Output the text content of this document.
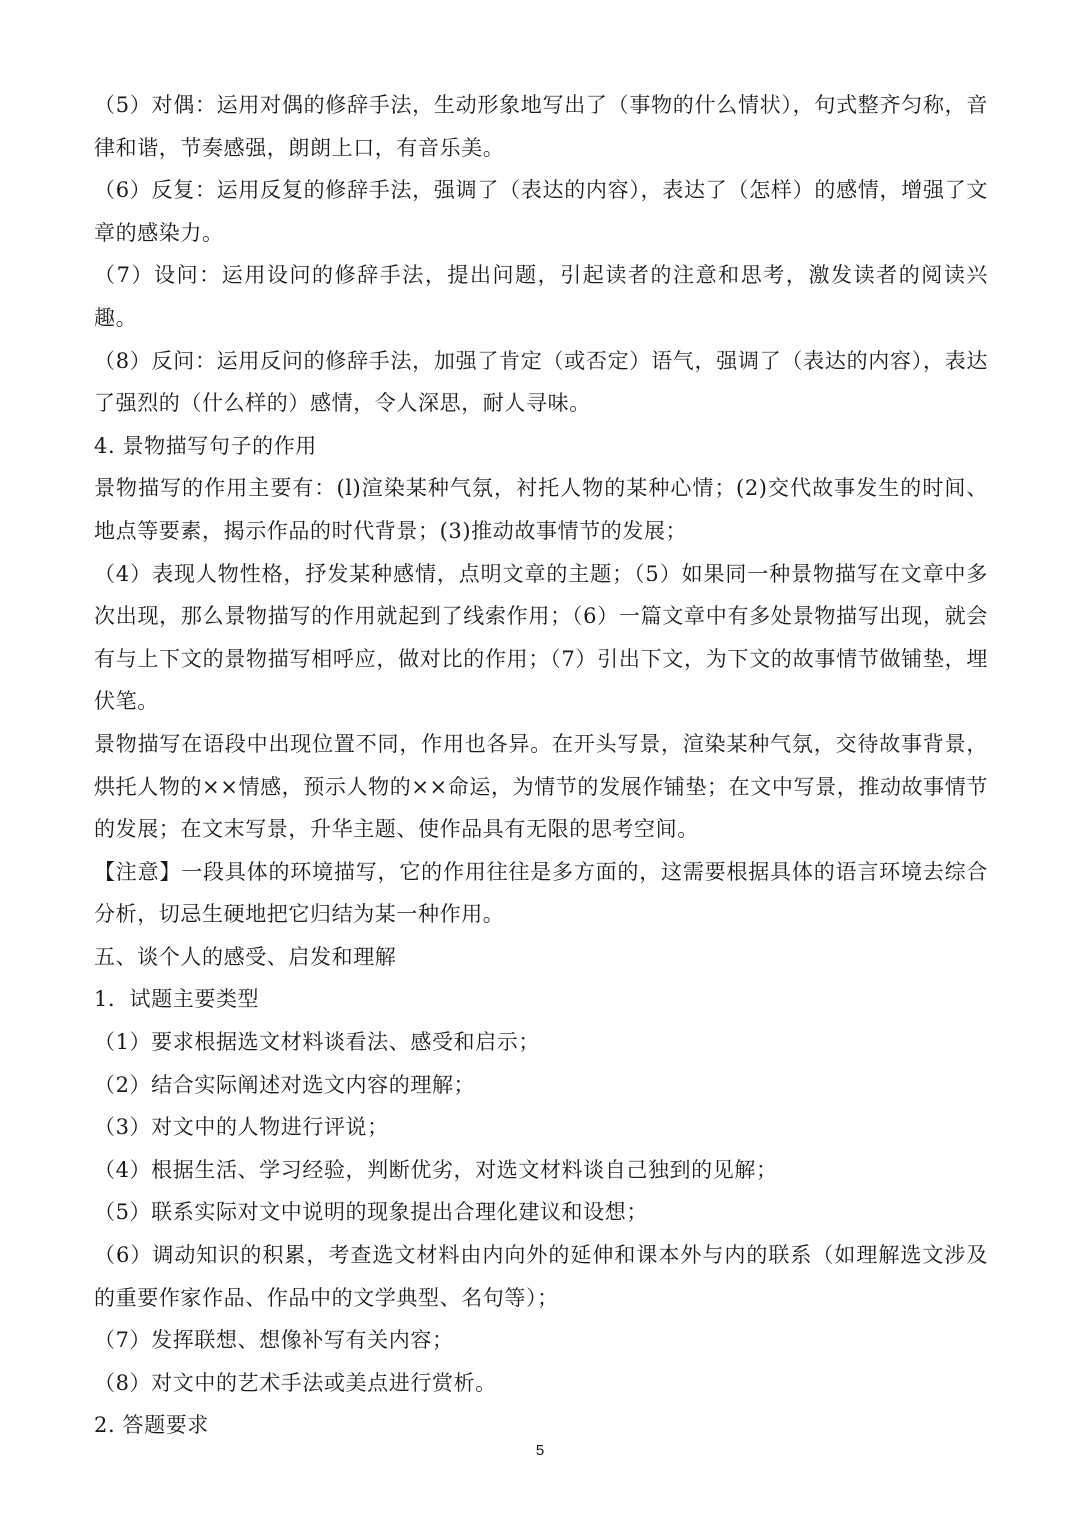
（5）对偶：运用对偶的修辞手法，生动形象地写出了（事物的什么情状），句式整齐匀称，音律和谐，节奏感强，朗朗上口，有音乐美。

（6）反复：运用反复的修辞手法，强调了（表达的内容），表达了（怎样）的感情，增强了文章的感染力。

（7）设问：运用设问的修辞手法，提出问题，引起读者的注意和思考，激发读者的阅读兴趣。

（8）反问：运用反问的修辞手法，加强了肯定（或否定）语气，强调了（表达的内容），表达了强烈的（什么样的）感情，令人深思，耐人寻味。

4. 景物描写句子的作用

景物描写的作用主要有：(l)渲染某种气氛，衬托人物的某种心情；(2)交代故事发生的时间、地点等要素，揭示作品的时代背景；(3)推动故事情节的发展；

（4）表现人物性格，抒发某种感情，点明文章的主题；（5）如果同一种景物描写在文章中多次出现，那么景物描写的作用就起到了线索作用；（6）一篇文章中有多处景物描写出现，就会有与上下文的景物描写相呼应，做对比的作用；（7）引出下文，为下文的故事情节做铺垫，埋伏笔。

景物描写在语段中出现位置不同，作用也各异。在开头写景，渲染某种气氛，交待故事背景，烘托人物的××情感，预示人物的××命运，为情节的发展作铺垫；在文中写景，推动故事情节的发展；在文末写景，升华主题、使作品具有无限的思考空间。

【注意】一段具体的环境描写，它的作用往往是多方面的，这需要根据具体的语言环境去综合分析，切忌生硬地把它归结为某一种作用。

五、谈个人的感受、启发和理解

1．试题主要类型

（1）要求根据选文材料谈看法、感受和启示；

（2）结合实际阐述对选文内容的理解；

（3）对文中的人物进行评说；

（4）根据生活、学习经验，判断优劣，对选文材料谈自己独到的见解；

（5）联系实际对文中说明的现象提出合理化建议和设想；

（6）调动知识的积累，考查选文材料由内向外的延伸和课本外与内的联系（如理解选文涉及的重要作家作品、作品中的文学典型、名句等）；

（7）发挥联想、想像补写有关内容；

（8）对文中的艺术手法或美点进行赏析。

2. 答题要求

5
